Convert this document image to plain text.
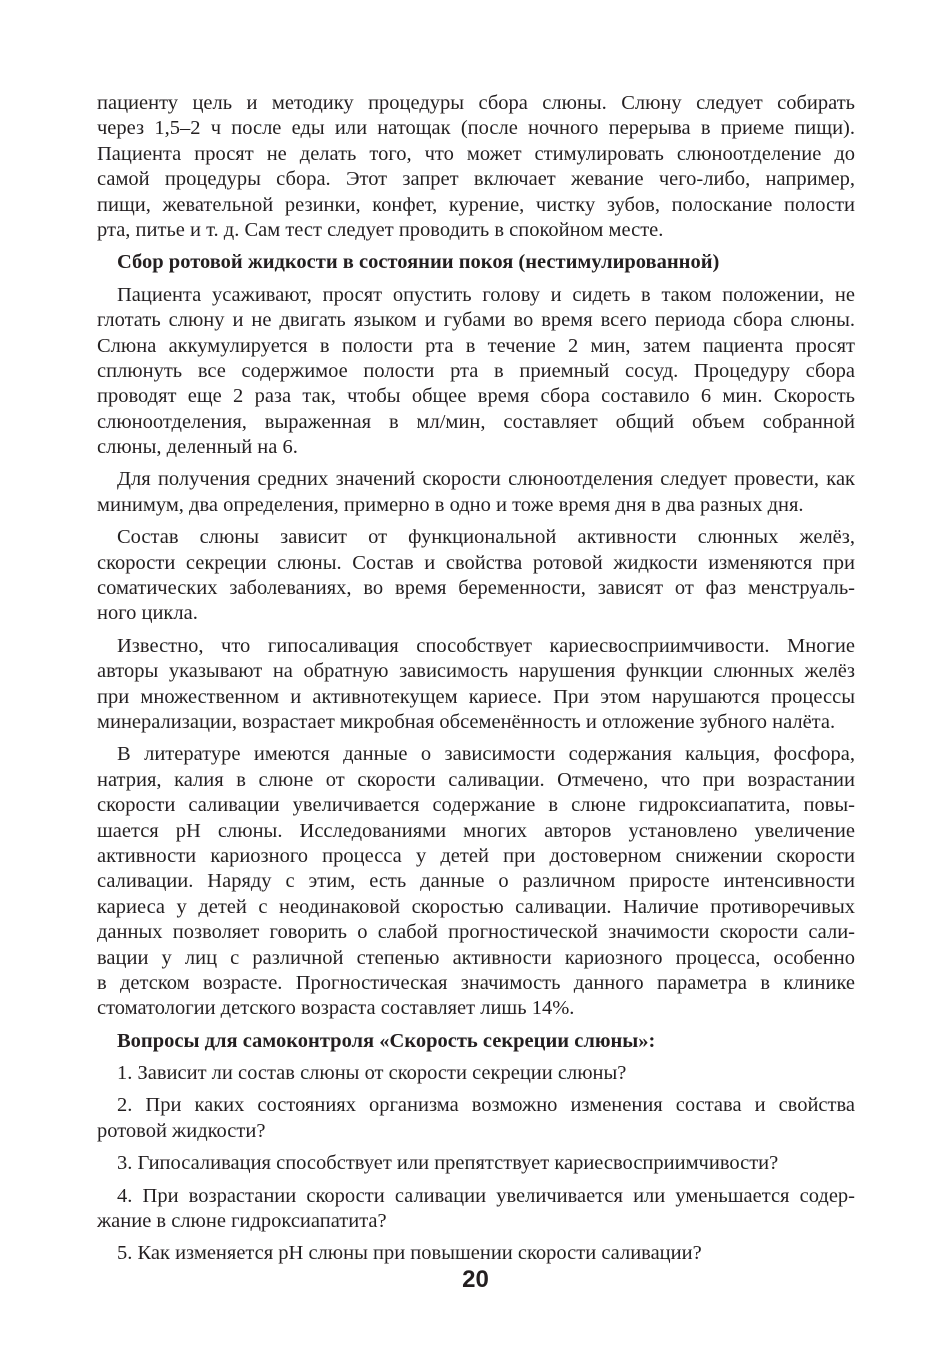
пациенту цель и методику процедуры сбора слюны. Слюну следует собирать
через 1,5–2 ч после еды или натощак (после ночного перерыва в приеме пищи).
Пациента просят не делать того, что может стимулировать слюноотделение до
самой процедуры сбора. Этот запрет включает жевание чего-либо, например,
пищи, жевательной резинки, конфет, курение, чистку зубов, полоскание полости
рта, питье и т. д. Сам тест следует проводить в спокойном месте.
Сбор ротовой жидкости в состоянии покоя (нестимулированной)
Пациента усаживают, просят опустить голову и сидеть в таком положении, не
глотать слюну и не двигать языком и губами во время всего периода сбора слюны.
Слюна аккумулируется в полости рта в течение 2 мин, затем пациента просят
сплюнуть все содержимое полости рта в приемный сосуд. Процедуру сбора
проводят еще 2 раза так, чтобы общее время сбора составило 6 мин. Скорость
слюноотделения, выраженная в мл/мин, составляет общий объем собранной
слюны, деленный на 6.
Для получения средних значений скорости слюноотделения следует провести, как
минимум, два определения, примерно в одно и тоже время дня в два разных дня.
Состав слюны зависит от функциональной активности слюнных желёз,
скорости секреции слюны. Состав и свойства ротовой жидкости изменяются при
соматических заболеваниях, во время беременности, зависят от фаз менструаль-
ного цикла.
Известно, что гипосаливация способствует кариесвосприимчивости. Многие
авторы указывают на обратную зависимость нарушения функции слюнных желёз
при множественном и активнотекущем кариесе. При этом нарушаются процессы
минерализации, возрастает микробная обсеменённость и отложение зубного налёта.
В литературе имеются данные о зависимости содержания кальция, фосфора,
натрия, калия в слюне от скорости саливации. Отмечено, что при возрастании
скорости саливации увеличивается содержание в слюне гидроксиапатита, повы-
шается pH слюны. Исследованиями многих авторов установлено увеличение
активности кариозного процесса у детей при достоверном снижении скорости
саливации. Наряду с этим, есть данные о различном приросте интенсивности
кариеса у детей с неодинаковой скоростью саливации. Наличие противоречивых
данных позволяет говорить о слабой прогностической значимости скорости сали-
вации у лиц с различной степенью активности кариозного процесса, особенно
в детском возрасте. Прогностическая значимость данного параметра в клинике
стоматологии детского возраста составляет лишь 14%.
Вопросы для самоконтроля «Скорость секреции слюны»:
1. Зависит ли состав слюны от скорости секреции слюны?
2. При каких состояниях организма возможно изменения состава и свойства
ротовой жидкости?
3. Гипосаливация способствует или препятствует кариесвосприимчивости?
4. При возрастании скорости саливации увеличивается или уменьшается содер-
жание в слюне гидроксиапатита?
5. Как изменяется pH слюны при повышении скорости саливации?
20
